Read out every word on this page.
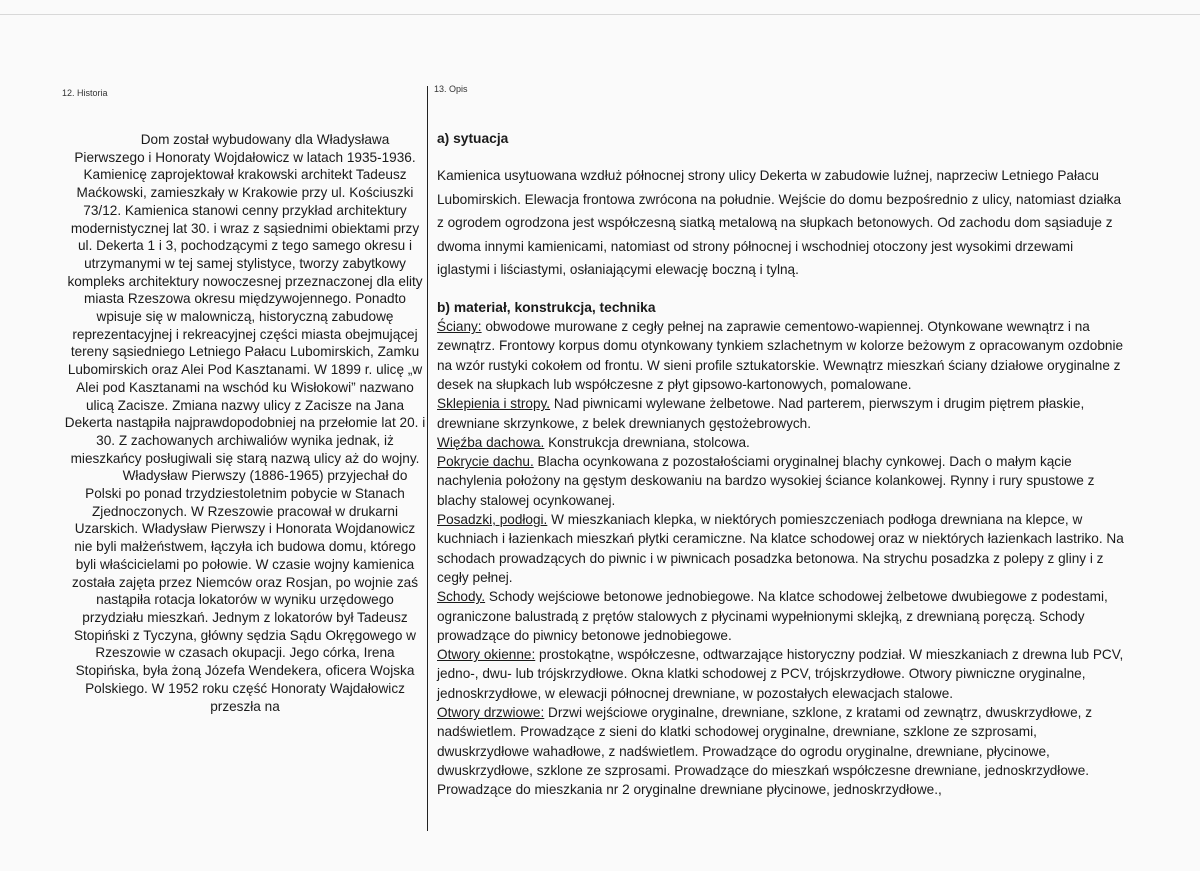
12. Historia	13. Opis

Dom został wybudowany dla Władysława Pierwszego i Honoraty Wojdałowicz w latach 1935-1936. Kamienicę zaprojektował krakowski architekt Tadeusz Maćkowski, zamieszkały w Krakowie przy ul. Kościuszki 73/12. Kamienica stanowi cenny przykład architektury modernistycznej lat 30. i wraz z sąsiednimi obiektami przy ul. Dekerta 1 i 3, pochodzącymi z tego samego okresu i utrzymanymi w tej samej stylistyce, tworzy zabytkowy kompleks architektury nowoczesnej przeznaczonej dla elity miasta Rzeszowa okresu międzywojennego. Ponadto wpisuje się w malowniczą, historyczną zabudowę reprezentacyjnej i rekreacyjnej części miasta obejmującej tereny sąsiedniego Letniego Pałacu Lubomirskich, Zamku Lubomirskich oraz Alei Pod Kasztanami. W 1899 r. ulicę „w Alei pod Kasztanami na wschód ku Wisłokowi” nazwano ulicą Zacisze. Zmiana nazwy ulicy z Zacisze na Jana Dekerta nastąpiła najprawdopodobniej na przełomie lat 20. i 30. Z zachowanych archiwaliów wynika jednak, iż mieszkańcy posługiwali się starą nazwą ulicy aż do wojny.

Władysław Pierwszy (1886-1965) przyjechał do Polski po ponad trzydziestoletnim pobycie w Stanach Zjednoczonych. W Rzeszowie pracował w drukarni Uzarskich. Władysław Pierwszy i Honorata Wojdanowicz nie byli małżeństwem, łączyła ich budowa domu, którego byli właścicielami po połowie. W czasie wojny kamienica została zajęta przez Niemców oraz Rosjan, po wojnie zaś nastąpiła rotacja lokatorów w wyniku urzędowego przydziału mieszkań. Jednym z lokatorów był Tadeusz Stopiński z Tyczyna, główny sędzia Sądu Okręgowego w Rzeszowie w czasach okupacji. Jego córka, Irena Stopińska, była żoną Józefa Wendekera, oficera Wojska Polskiego. W 1952 roku część Honoraty Wajdałowicz przeszła na

a) sytuacja

Kamienica usytuowana wzdłuż północnej strony ulicy Dekerta w zabudowie luźnej, naprzeciw Letniego Pałacu Lubomirskich. Elewacja frontowa zwrócona na południe. Wejście do domu bezpośrednio z ulicy, natomiast działka z ogrodem ogrodzona jest współczesną siatką metalową na słupkach betonowych. Od zachodu dom sąsiaduje z dwoma innymi kamienicami, natomiast od strony północnej i wschodniej otoczony jest wysokimi drzewami iglastymi i liściastymi, osłaniającymi elewację boczną i tylną.

b) materiał, konstrukcja, technika

Ściany: obwodowe murowane z cegły pełnej na zaprawie cementowo-wapiennej. Otynkowane wewnątrz i na zewnątrz. Frontowy korpus domu otynkowany tynkiem szlachetnym w kolorze beżowym z opracowanym ozdobnie na wzór rustyki cokołem od frontu. W sieni profile sztukatorskie. Wewnątrz mieszkań ściany działowe oryginalne z desek na słupkach lub współczesne z płyt gipsowo-kartonowych, pomalowane.

Sklepienia i stropy. Nad piwnicami wylewane żelbetowe. Nad parterem, pierwszym i drugim piętrem płaskie, drewniane skrzynkowe, z belek drewnianych gęstożebrowych.

Więźba dachowa. Konstrukcja drewniana, stolcowa.

Pokrycie dachu. Blacha ocynkowana z pozostałościami oryginalnej blachy cynkowej. Dach o małym kącie nachylenia położony na gęstym deskowaniu na bardzo wysokiej ściance kolankowej. Rynny i rury spustowe z blachy stalowej ocynkowanej.

Posadzki, podłogi. W mieszkaniach klepka, w niektórych pomieszczeniach podłoga drewniana na klepce, w kuchniach i łazienkach mieszkań płytki ceramiczne. Na klatce schodowej oraz w niektórych łazienkach lastriko. Na schodach prowadzących do piwnic i w piwnicach posadzka betonowa. Na strychu posadzka z polepy z gliny i z cegły pełnej.

Schody. Schody wejściowe betonowe jednobiegowe. Na klatce schodowej żelbetowe dwubiegowe z podestami, ograniczone balustradą z prętów stalowych z płycinami wypełnionymi sklejką, z drewnianą poręczą. Schody prowadzące do piwnicy betonowe jednobiegowe.

Otwory okienne: prostokątne, współczesne, odtwarzające historyczny podział. W mieszkaniach z drewna lub PCV, jedno-, dwu- lub trójskrzydłowe. Okna klatki schodowej z PCV, trójskrzydłowe. Otwory piwniczne oryginalne, jednoskrzydłowe, w elewacji północnej drewniane, w pozostałych elewacjach stalowe.

Otwory drzwiowe: Drzwi wejściowe oryginalne, drewniane, szklone, z kratami od zewnątrz, dwuskrzydłowe, z nadświetlem. Prowadzące z sieni do klatki schodowej oryginalne, drewniane, szklone ze szprosami, dwuskrzydłowe wahadłowe, z nadświetlem. Prowadzące do ogrodu oryginalne, drewniane, płycinowe, dwuskrzydłowe, szklone ze szprosami. Prowadzące do mieszkań współczesne drewniane, jednoskrzydłowe. Prowadzące do mieszkania nr 2 oryginalne drewniane płycinowe, jednoskrzydłowe.,
